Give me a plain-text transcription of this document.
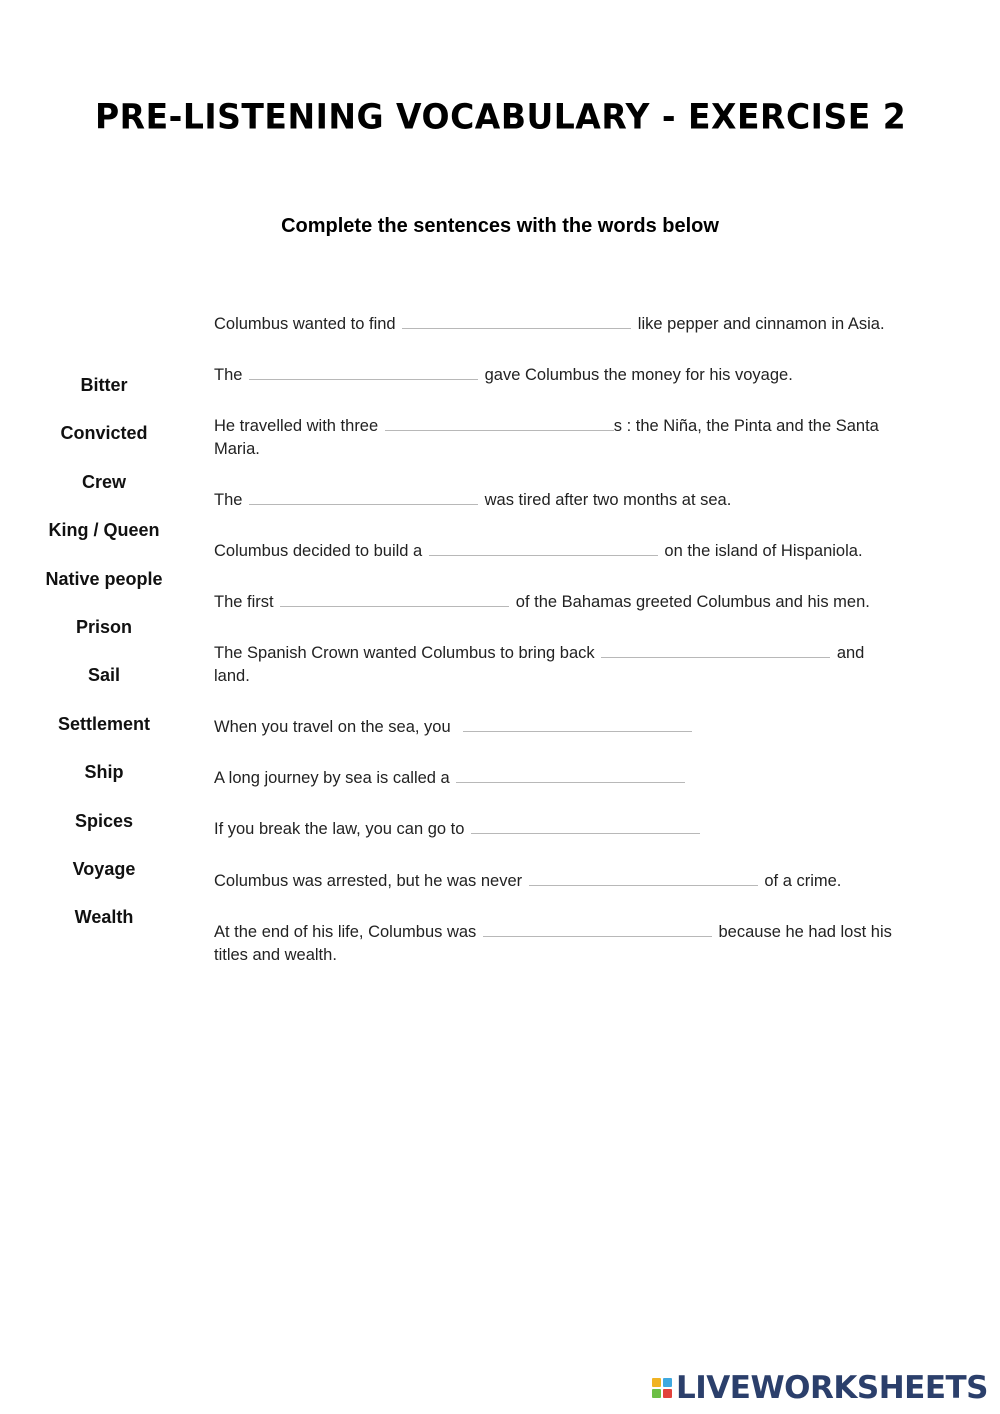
PRE-LISTENING VOCABULARY - EXERCISE 2
Complete the sentences with the words below
Bitter
Convicted
Crew
King / Queen
Native people
Prison
Sail
Settlement
Ship
Spices
Voyage
Wealth
Columbus wanted to find	like pepper and cinnamon in Asia.
The	gave Columbus the money for his voyage.
He travelled with three	s : the Niña, the Pinta and the Santa Maria.
The	was tired after two months at sea.
Columbus decided to build a	on the island of Hispaniola.
The first	of the Bahamas greeted Columbus and his men.
The Spanish Crown wanted Columbus to bring back	and land.
When you travel on the sea, you
A long journey by sea is called a
If you break the law, you can go to
Columbus was arrested, but he was never	of a crime.
At the end of his life, Columbus was	because he had lost his titles and wealth.
LIVEWORKSHEETS
